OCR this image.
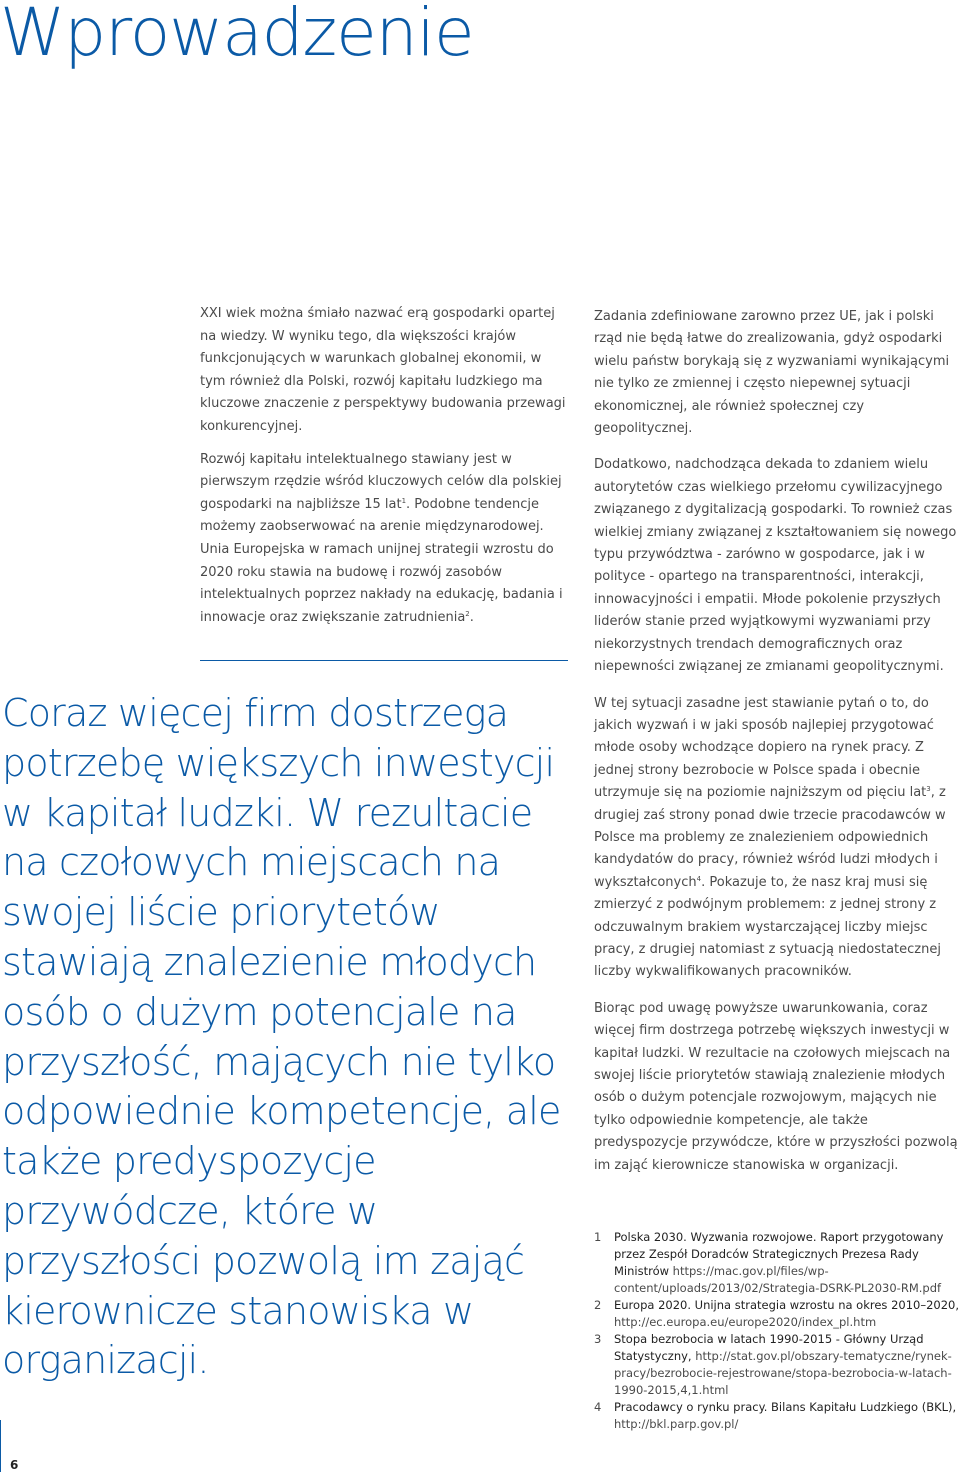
Wprowadzenie

XXI wiek można śmiało nazwać erą gospodarki opartej na wiedzy. W wyniku tego, dla większości krajów funkcjonujących w warunkach globalnej ekonomii, w tym również dla Polski, rozwój kapitału ludzkiego ma kluczowe znaczenie z perspektywy budowania przewagi konkurencyjnej.

Rozwój kapitału intelektualnego stawiany jest w pierwszym rzędzie wśród kluczowych celów dla polskiej gospodarki na najbliższe 15 lat$^1$. Podobne tendencje możemy zaobserwować na arenie międzynarodowej. Unia Europejska w ramach unijnej strategii wzrostu do 2020 roku stawia na budowę i rozwój zasobów intelektualnych poprzez nakłady na edukację, badania i innowacje oraz zwiększanie zatrudnienia$^2$.

Coraz więcej firm dostrzega potrzebę większych inwestycji w kapitał ludzki. W rezultacie na czołowych miejscach na swojej liście priorytetów stawiają znalezienie młodych osób o dużym potencjale na przyszłość, mających nie tylko odpowiednie kompetencje, ale także predyspozycje przywódcze, które w przyszłości pozwolą im zająć kierownicze stanowiska w organizacji.

Zadania zdefiniowane zarowno przez UE, jak i polski rząd nie będą łatwe do zrealizowania, gdyż ospodarki wielu państw borykają się z wyzwaniami wynikającymi nie tylko ze zmiennej i często niepewnej sytuacji ekonomicznej, ale również społecznej czy geopolitycznej.

Dodatkowo, nadchodząca dekada to zdaniem wielu autorytetów czas wielkiego przełomu cywilizacyjnego związanego z dygitalizacją gospodarki. To rownież czas wielkiej zmiany związanej z kształtowaniem się nowego typu przywództwa - zarówno w gospodarce, jak i w polityce - opartego na transparentności, interakcji, innowacyjności i empatii. Młode pokolenie przyszłych liderów stanie przed wyjątkowymi wyzwaniami przy niekorzystnych trendach demograficznych oraz niepewności związanej ze zmianami geopolitycznymi.

W tej sytuacji zasadne jest stawianie pytań o to, do jakich wyzwań i w jaki sposób najlepiej przygotować młode osoby wchodzące dopiero na rynek pracy. Z jednej strony bezrobocie w Polsce spada i obecnie utrzymuje się na poziomie najniższym od pięciu lat$^3$, z drugiej zaś strony ponad dwie trzecie pracodawców w Polsce ma problemy ze znalezieniem odpowiednich kandydatów do pracy, również wśród ludzi młodych i wykształconych$^4$. Pokazuje to, że nasz kraj musi się zmierzyć z podwójnym problemem: z jednej strony z odczuwalnym brakiem wystarczającej liczby miejsc pracy, z drugiej natomiast z sytuacją niedostatecznej liczby wykwalifikowanych pracowników.

Biorąc pod uwagę powyższe uwarunkowania, coraz więcej firm dostrzega potrzebę większych inwestycji w kapitał ludzki. W rezultacie na czołowych miejscach na swojej liście priorytetów stawiają znalezienie młodych osób o dużym potencjale rozwojowym, mających nie tylko odpowiednie kompetencje, ale także predyspozycje przywódcze, które w przyszłości pozwolą im zająć kierownicze stanowiska w organizacji.

1	Polska 2030. Wyzwania rozwojowe. Raport przygotowany przez Zespół Doradców Strategicznych Prezesa Rady Ministrów https://mac.gov.pl/files/wp-content/uploads/2013/02/Strategia-DSRK-PL2030-RM.pdf
2	Europa 2020. Unijna strategia wzrostu na okres 2010–2020, http://ec.europa.eu/europe2020/index_pl.htm
3	Stopa bezrobocia w latach 1990-2015 - Główny Urząd Statystyczny, http://stat.gov.pl/obszary-tematyczne/rynek-pracy/bezrobocie-rejestrowane/stopa-bezrobocia-w-latach-1990-2015,4,1.html
4	Pracodawcy o rynku pracy. Bilans Kapitału Ludzkiego (BKL), http://bkl.parp.gov.pl/
6
